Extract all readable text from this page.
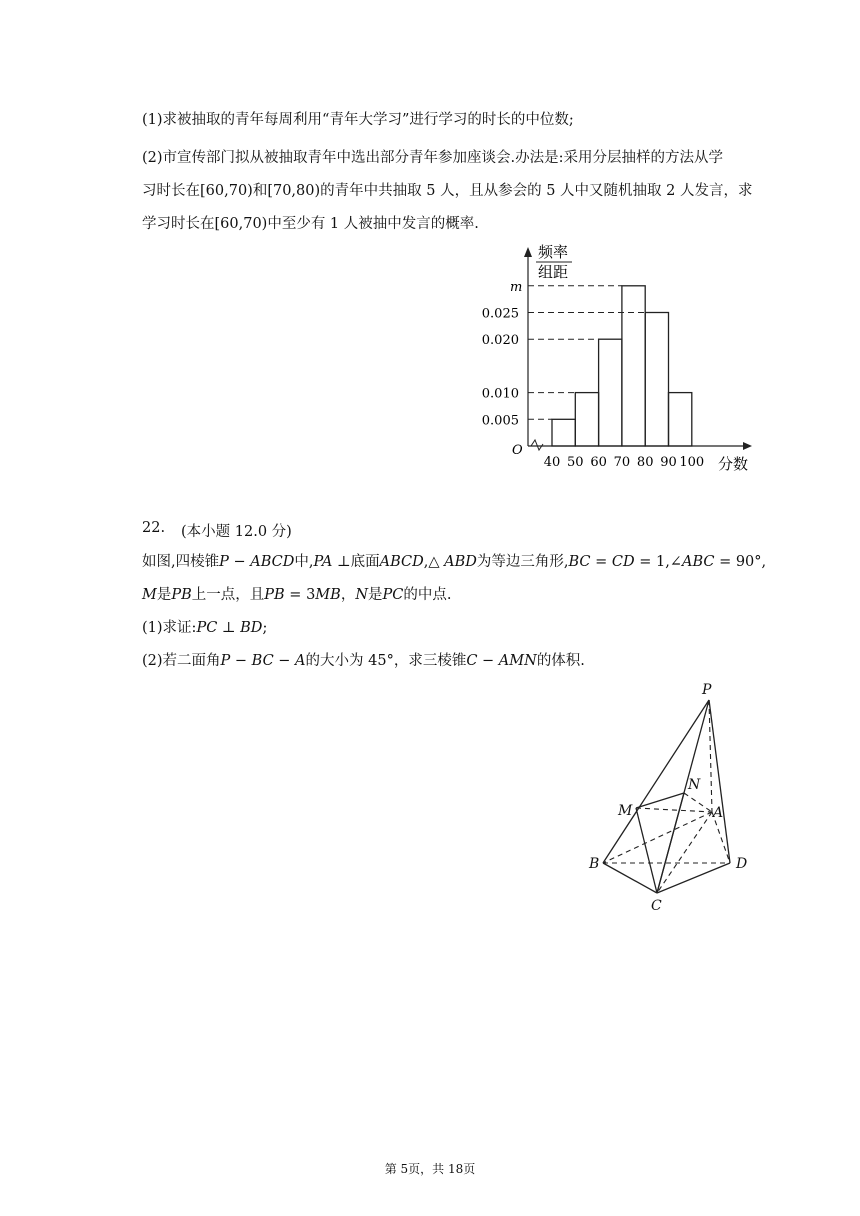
(1)求被抽取的青年每周利用“青年大学习”进行学习的时长的中位数;
(2)市宣传部门拟从被抽取青年中选出部分青年参加座谈会.办法是:采用分层抽样的方法从学
习时长在[60,70)和[70,80)的青年中共抽取 5 人，且从参会的 5 人中又随机抽取 2 人发言，求
学习时长在[60,70)中至少有 1 人被抽中发言的概率.
频率
组距
O
0.005
0.010
0.020
0.025
m
40 50 60 70 80 90 100 分数
22. (本小题 12.0 分)
如图,四棱锥P − ABCD中,PA ⊥底面ABCD,△ ABD为等边三角形,BC = CD = 1,∠ABC = 90°,
M是PB上一点，且PB = 3MB，N是PC的中点.
(1)求证:PC ⊥ BD;
(2)若二面角P − BC − A的大小为 45°，求三棱锥C − AMN的体积.
P
N
M	A
B	D
C
第 5页，共 18页
